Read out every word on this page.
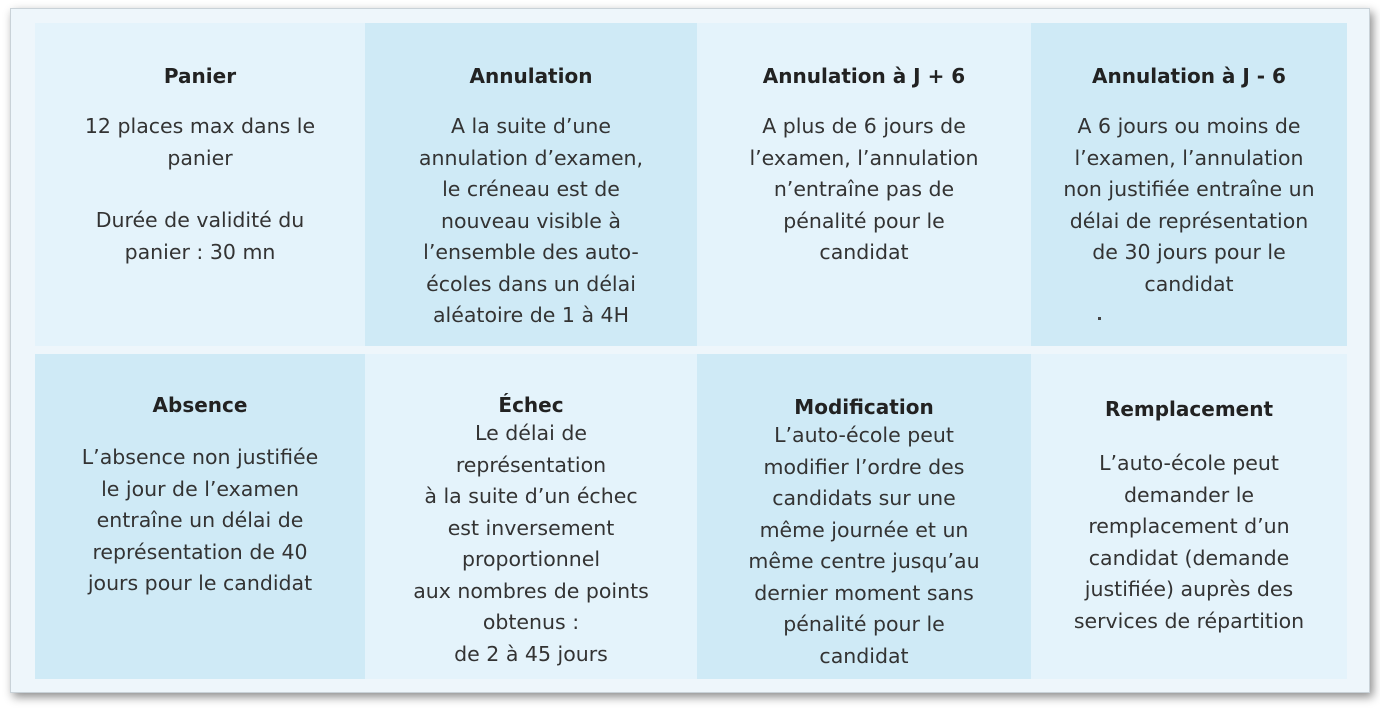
Panier
12 places max dans le
panier
Durée de validité du
panier : 30 mn
Annulation
A la suite d’une
annulation d’examen,
le créneau est de
nouveau visible à
l’ensemble des auto-
écoles dans un délai
aléatoire de 1 à 4H
Annulation à J + 6
A plus de 6 jours de
l’examen, l’annulation
n’entraîne pas de
pénalité pour le
candidat
Annulation à J - 6
A 6 jours ou moins de
l’examen, l’annulation
non justifiée entraîne un
délai de représentation
de 30 jours pour le
candidat
Absence
L’absence non justifiée
le jour de l’examen
entraîne un délai de
représentation de 40
jours pour le candidat
Échec
Le délai de
représentation
à la suite d’un échec
est inversement
proportionnel
aux nombres de points
obtenus :
de 2 à 45 jours
Modification
L’auto-école peut
modifier l’ordre des
candidats sur une
même journée et un
même centre jusqu’au
dernier moment sans
pénalité pour le
candidat
Remplacement
L’auto-école peut
demander le
remplacement d’un
candidat (demande
justifiée) auprès des
services de répartition
